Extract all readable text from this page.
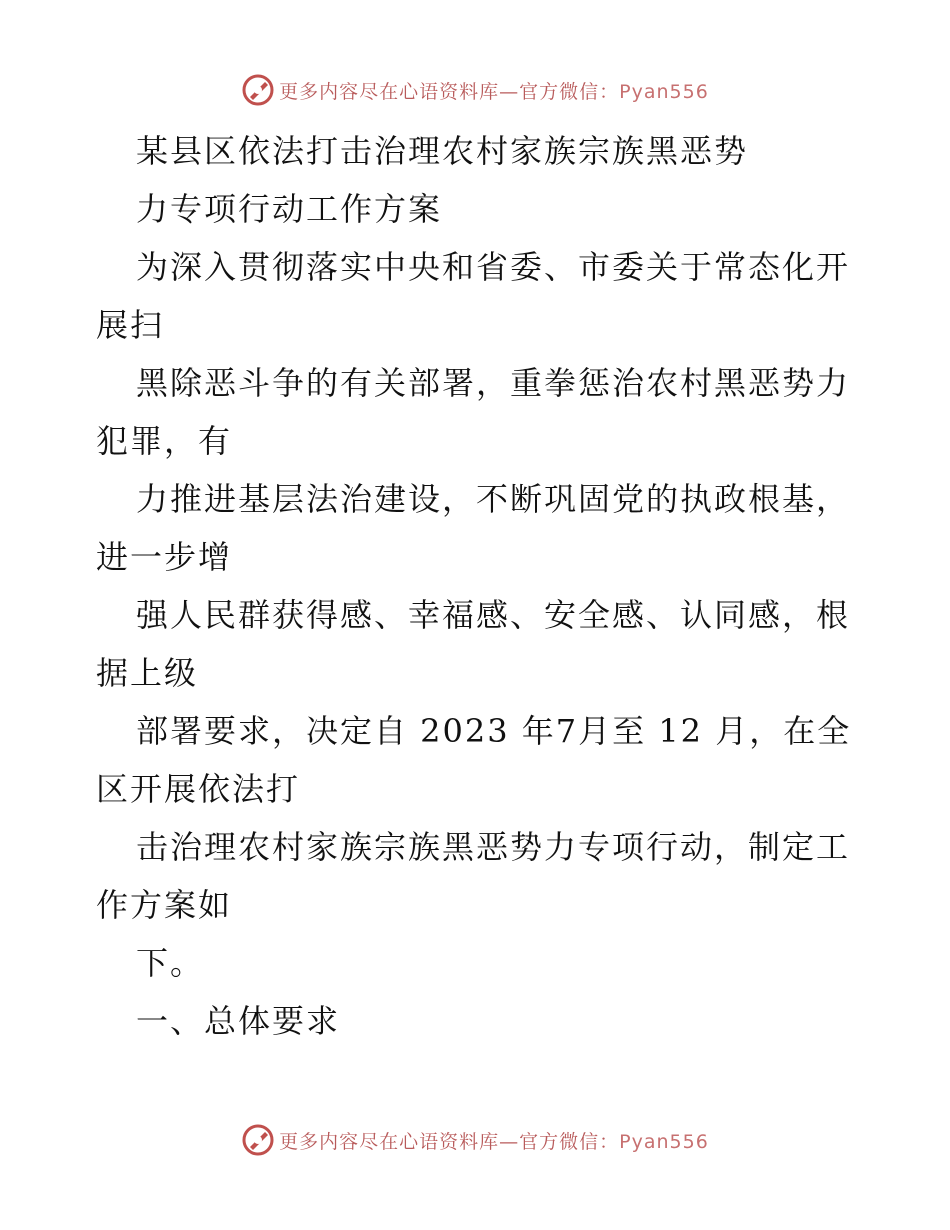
更多内容尽在心语资料库—官方微信：Pyan556
某县区依法打击治理农村家族宗族黑恶势
力专项行动工作方案
为深入贯彻落实中央和省委、市委关于常态化开
展扫
黑除恶斗争的有关部署，重拳惩治农村黑恶势力
犯罪，有
力推进基层法治建设，不断巩固党的执政根基，
进一步增
强人民群获得感、幸福感、安全感、认同感，根
据上级
部署要求，决定自 2023 年7月至 12 月，在全
区开展依法打
击治理农村家族宗族黑恶势力专项行动，制定工
作方案如
下。
一、总体要求
更多内容尽在心语资料库—官方微信：Pyan556
